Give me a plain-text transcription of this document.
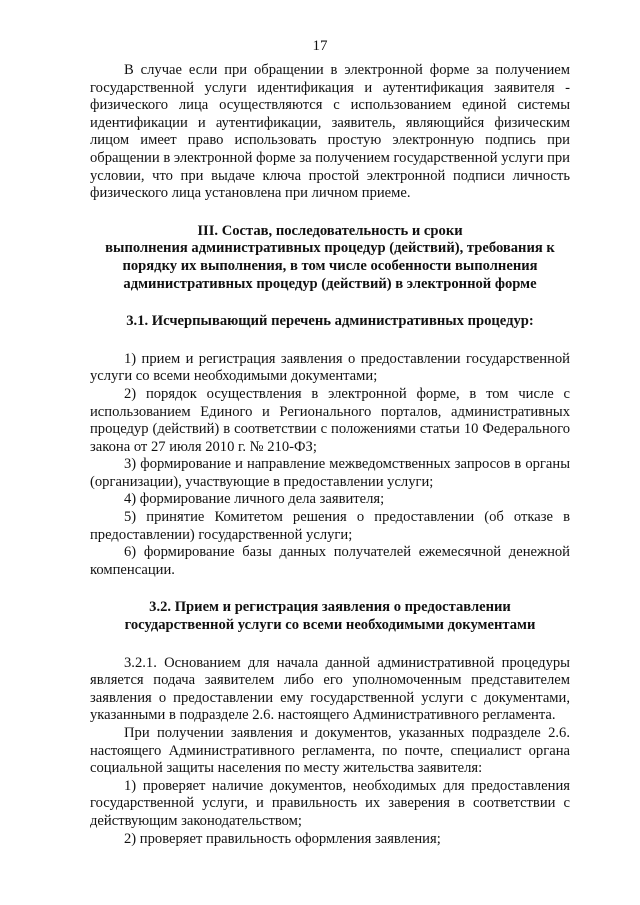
17

В случае если при обращении в электронной форме за получением государственной услуги идентификация и аутентификация заявителя - физического лица осуществляются с использованием единой системы идентификации и аутентификации, заявитель, являющийся физическим лицом имеет право использовать простую электронную подпись при обращении в электронной форме за получением государственной услуги при условии, что при выдаче ключа простой электронной подписи личность физического лица установлена при личном приеме.

III. Состав, последовательность и сроки

выполнения административных процедур (действий), требования к

порядку их выполнения, в том числе особенности выполнения

административных процедур (действий) в электронной форме

3.1. Исчерпывающий перечень административных процедур:

1) прием и регистрация заявления о предоставлении государственной услуги со всеми необходимыми документами;

2) порядок осуществления в электронной форме, в том числе с использованием Единого и Регионального порталов, административных процедур (действий) в соответствии с положениями статьи 10 Федерального закона от 27 июля 2010 г. № 210-ФЗ;

3) формирование и направление межведомственных запросов в органы (организации), участвующие в предоставлении услуги;

4) формирование личного дела заявителя;

5) принятие Комитетом решения о предоставлении (об отказе в предоставлении) государственной услуги;

6) формирование базы данных получателей ежемесячной денежной компенсации.

3.2. Прием и регистрация заявления о предоставлении

государственной услуги со всеми необходимыми документами

3.2.1. Основанием для начала данной административной процедуры является подача заявителем либо его уполномоченным представителем заявления о предоставлении ему государственной услуги с документами, указанными в подразделе 2.6. настоящего Административного регламента.

При получении заявления и документов, указанных подразделе 2.6. настоящего Административного регламента, по почте, специалист органа социальной защиты населения по месту жительства заявителя:

1) проверяет наличие документов, необходимых для предоставления государственной услуги, и правильность их заверения в соответствии с действующим законодательством;

2) проверяет правильность оформления заявления;
